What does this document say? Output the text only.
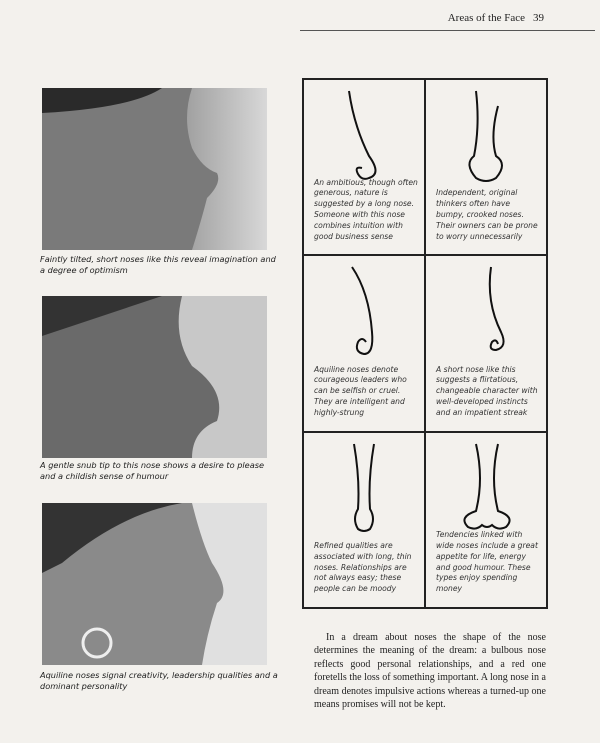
Areas of the Face 39
Faintly tilted, short noses like this reveal imagination and a degree of optimism
A gentle snub tip to this nose shows a desire to please and a childish sense of humour
Aquiline noses signal creativity, leadership qualities and a dominant personality
An ambitious, though often generous, nature is suggested by a long nose. Someone with this nose combines intuition with good business sense
Independent, original thinkers often have bumpy, crooked noses. Their owners can be prone to worry unnecessarily
Aquiline noses denote courageous leaders who can be selfish or cruel. They are intelligent and highly-strung
A short nose like this suggests a flirtatious, changeable character with well-developed instincts and an impatient streak
Refined qualities are associated with long, thin noses. Relationships are not always easy; these people can be moody
Tendencies linked with wide noses include a great appetite for life, energy and good humour. These types enjoy spending money
In a dream about noses the shape of the nose determines the meaning of the dream: a bulbous nose reflects good personal relationships, and a red one foretells the loss of something important. A long nose in a dream denotes impulsive actions whereas a turned-up one means promises will not be kept.
